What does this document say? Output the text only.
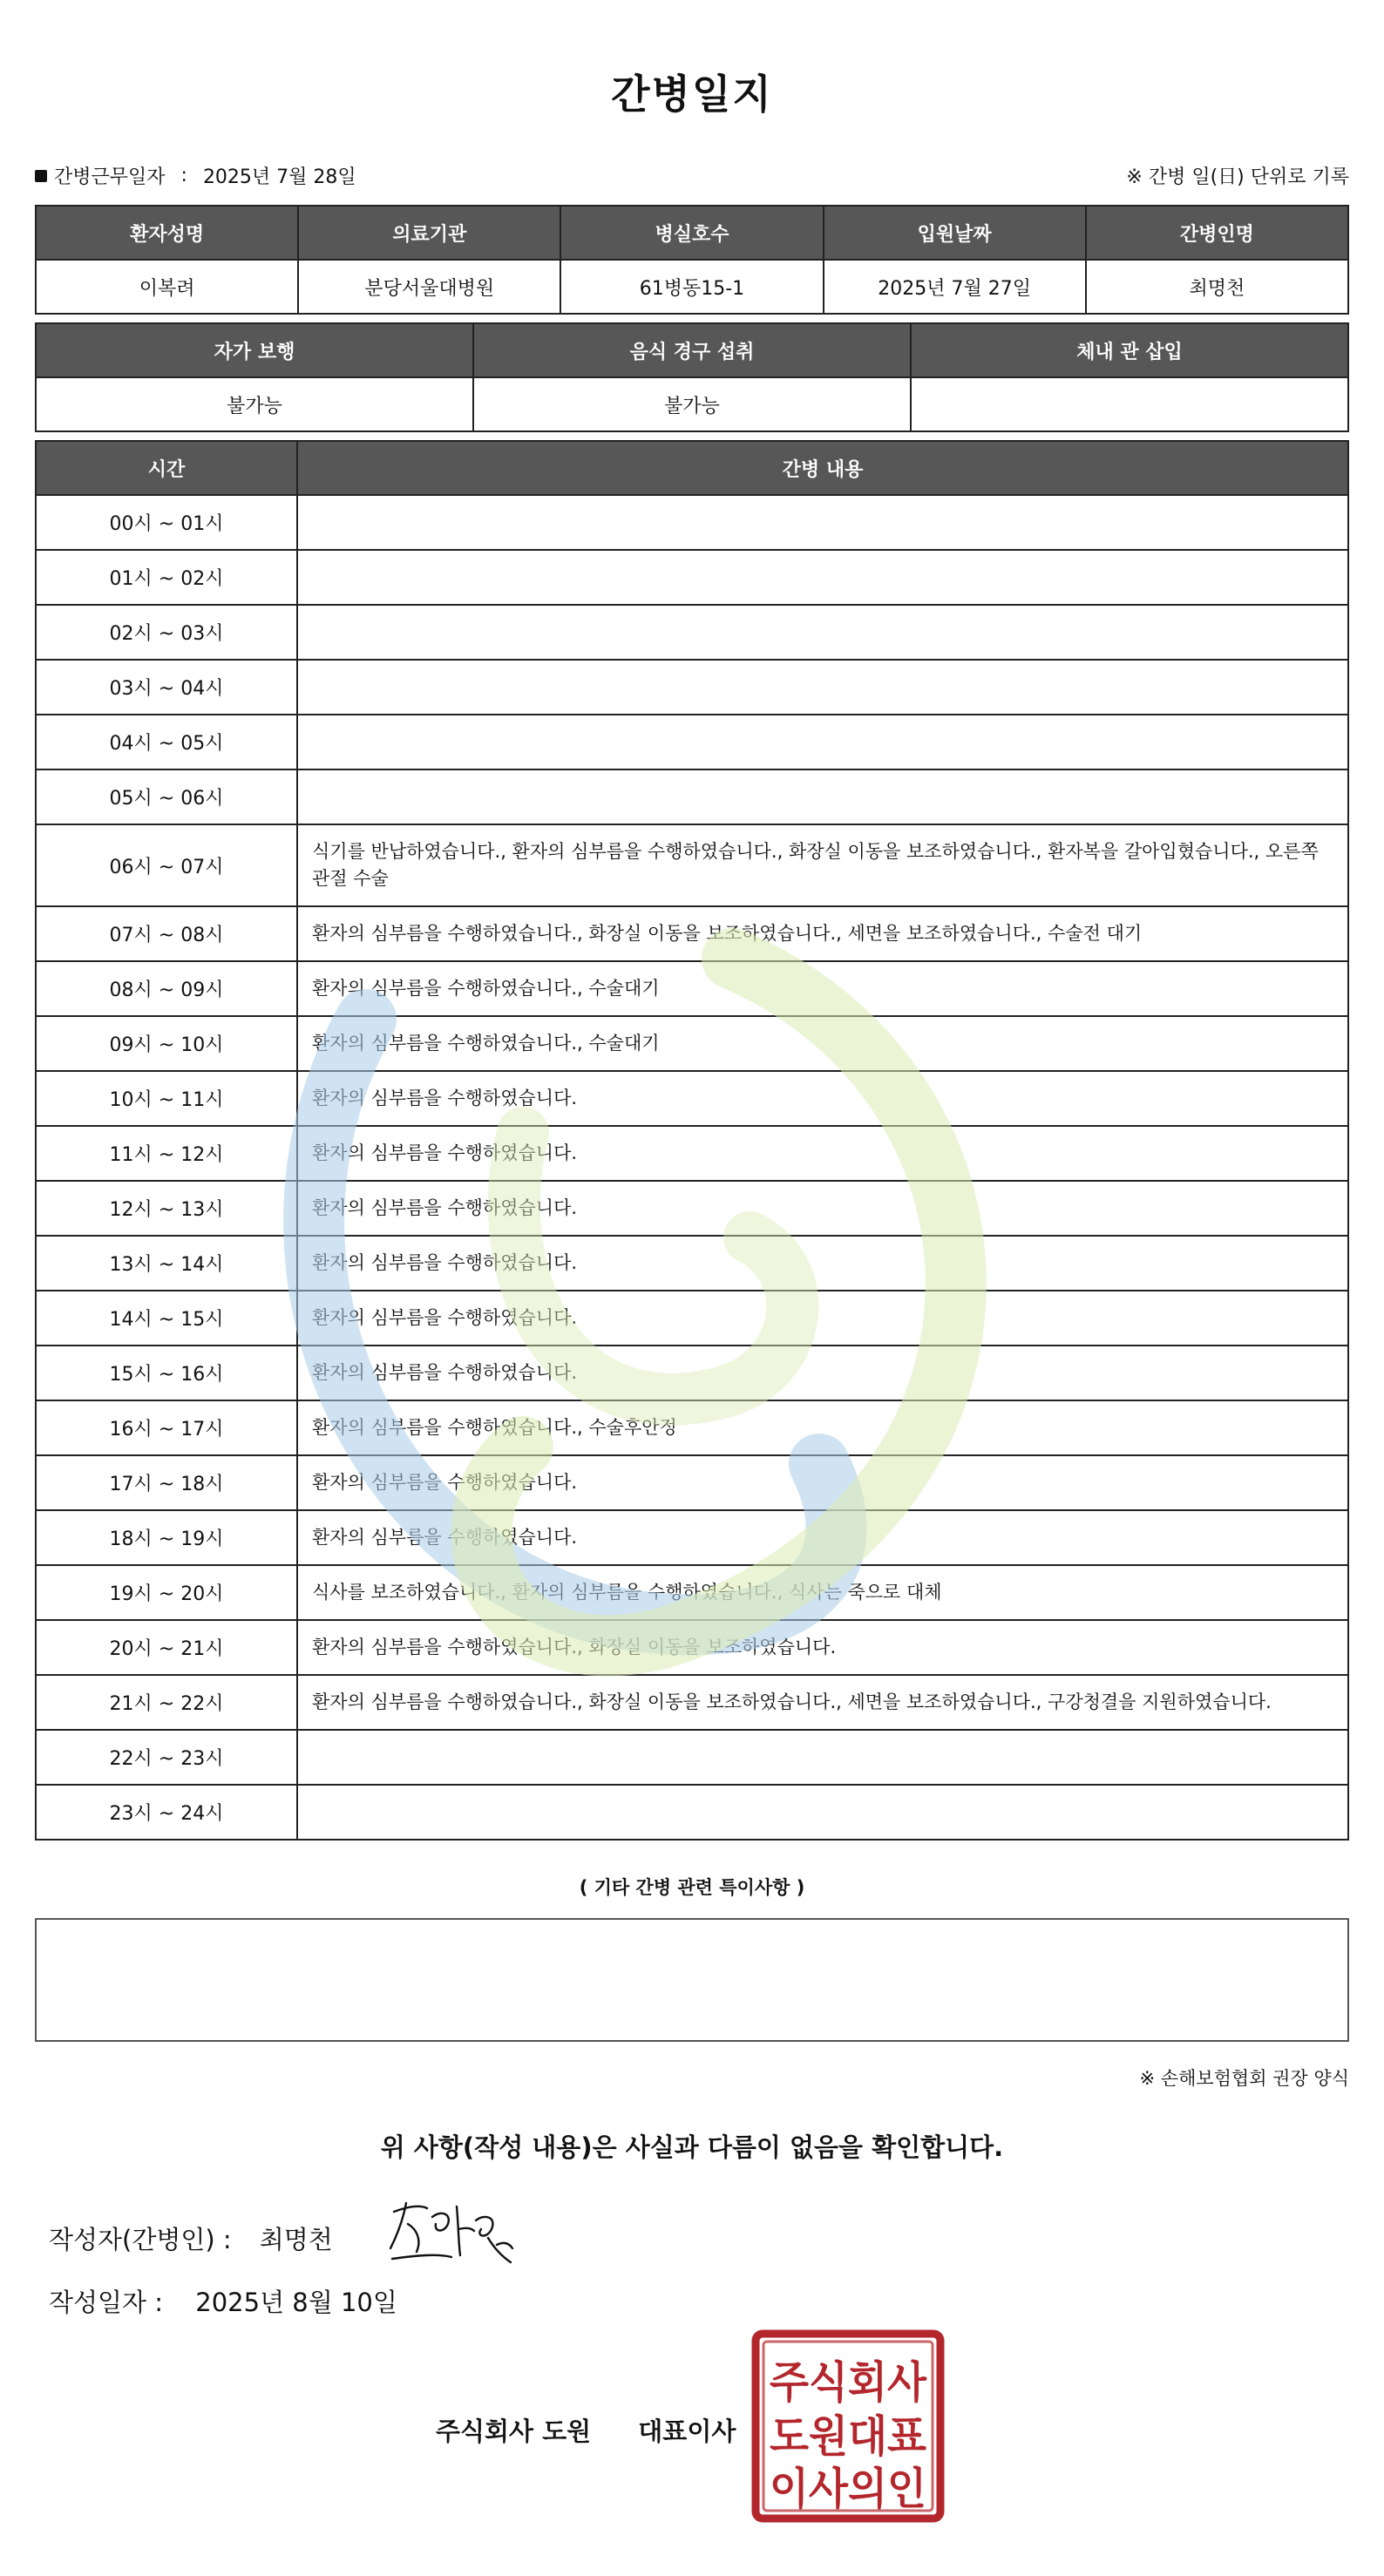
간병일지
간병근무일자 : 2025년 7월 28일	※ 간병 일(日) 단위로 기록
환자성명	의료기관	병실호수	입원날짜	간병인명
이복려	분당서울대병원	61병동15-1	2025년 7월 27일	최명천
자가 보행	음식 경구 섭취	체내 관 삽입
불가능	불가능	
시간	간병 내용
00시 ~ 01시	
01시 ~ 02시	
02시 ~ 03시	
03시 ~ 04시	
04시 ~ 05시	
05시 ~ 06시	
06시 ~ 07시	식기를 반납하였습니다., 환자의 심부름을 수행하였습니다., 화장실 이동을 보조하였습니다., 환자복을 갈아입혔습니다., 오른쪽 관절 수술
07시 ~ 08시	환자의 심부름을 수행하였습니다., 화장실 이동을 보조하였습니다., 세면을 보조하였습니다., 수술전 대기
08시 ~ 09시	환자의 심부름을 수행하였습니다., 수술대기
09시 ~ 10시	환자의 심부름을 수행하였습니다., 수술대기
10시 ~ 11시	환자의 심부름을 수행하였습니다.
11시 ~ 12시	환자의 심부름을 수행하였습니다.
12시 ~ 13시	환자의 심부름을 수행하였습니다.
13시 ~ 14시	환자의 심부름을 수행하였습니다.
14시 ~ 15시	환자의 심부름을 수행하였습니다.
15시 ~ 16시	환자의 심부름을 수행하였습니다.
16시 ~ 17시	환자의 심부름을 수행하였습니다., 수술후안정
17시 ~ 18시	환자의 심부름을 수행하였습니다.
18시 ~ 19시	환자의 심부름을 수행하였습니다.
19시 ~ 20시	식사를 보조하였습니다., 환자의 심부름을 수행하였습니다., 식사는 죽으로 대체
20시 ~ 21시	환자의 심부름을 수행하였습니다., 화장실 이동을 보조하였습니다.
21시 ~ 22시	환자의 심부름을 수행하였습니다., 화장실 이동을 보조하였습니다., 세면을 보조하였습니다., 구강청결을 지원하였습니다.
22시 ~ 23시	
23시 ~ 24시	
( 기타 간병 관련 특이사항 )
※ 손해보험협회 권장 양식
위 사항(작성 내용)은 사실과 다름이 없음을 확인합니다.
작성자(간병인) : 최명천
작성일자 : 2025년 8월 10일
주식회사 도원 대표이사
주식회사
도원대표
이사의인
